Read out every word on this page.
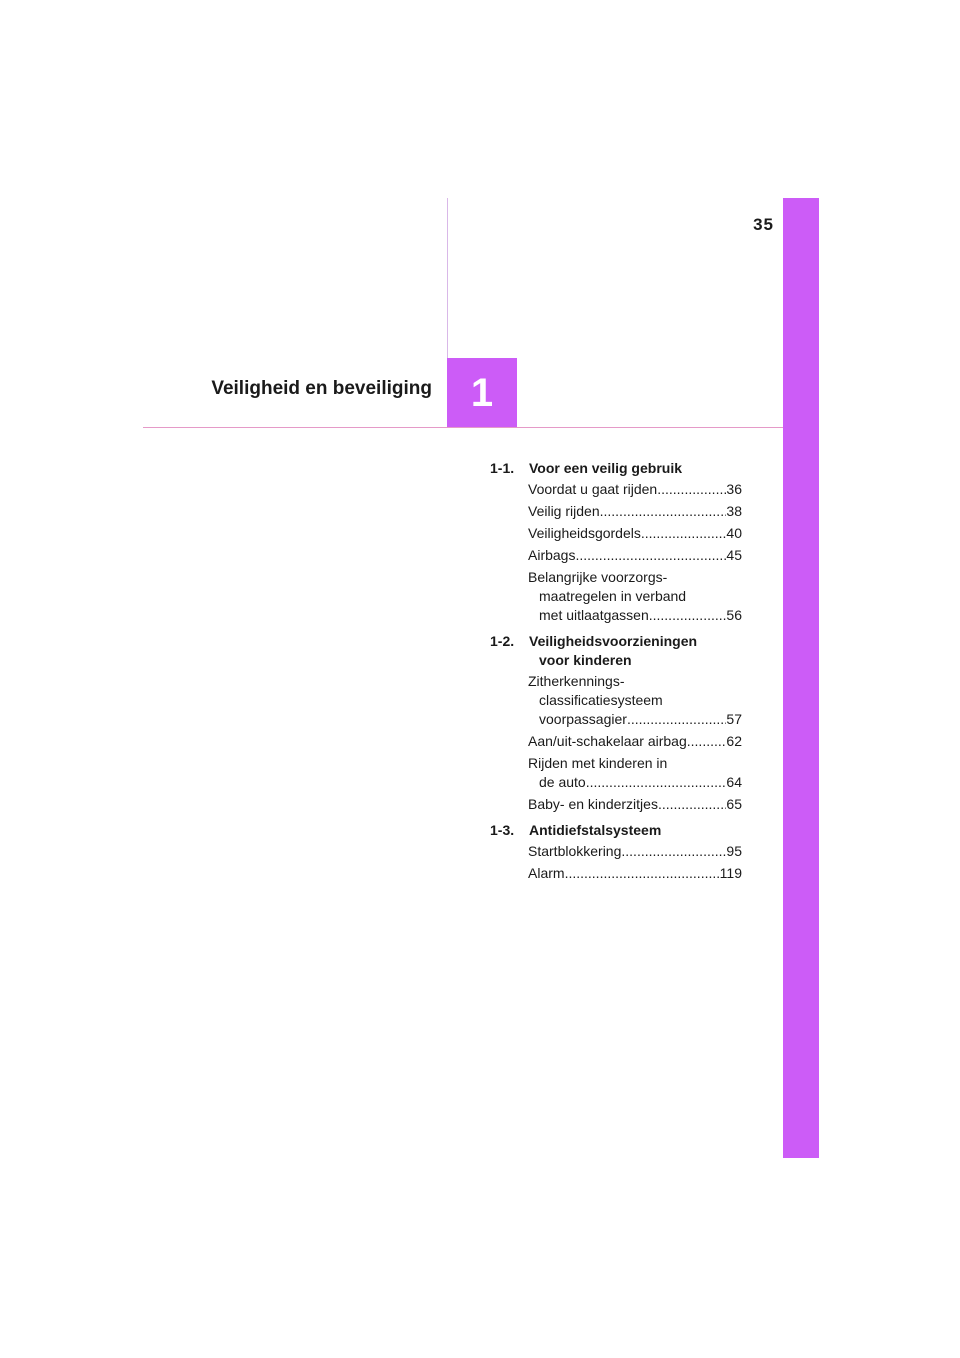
35
1
Veiligheid en beveiliging
1-1.	Voor een veilig gebruik
Voordat u gaat rijden .....	36
Veilig rijden .....	38
Veiligheidsgordels .....	40
Airbags .....	45
Belangrijke voorzorgs-

maatregelen in verband
met uitlaatgassen .....	56
1-2.	Veiligheidsvoorzieningen
voor kinderen
Zitherkennings-

classificatiesysteem
voorpassagier .....	57
Aan/uit-schakelaar airbag .....	62
Rijden met kinderen in

de auto .....	64
Baby- en kinderzitjes .....	65
1-3.	Antidiefstalsysteem
Startblokkering .....	95
Alarm .....	119
